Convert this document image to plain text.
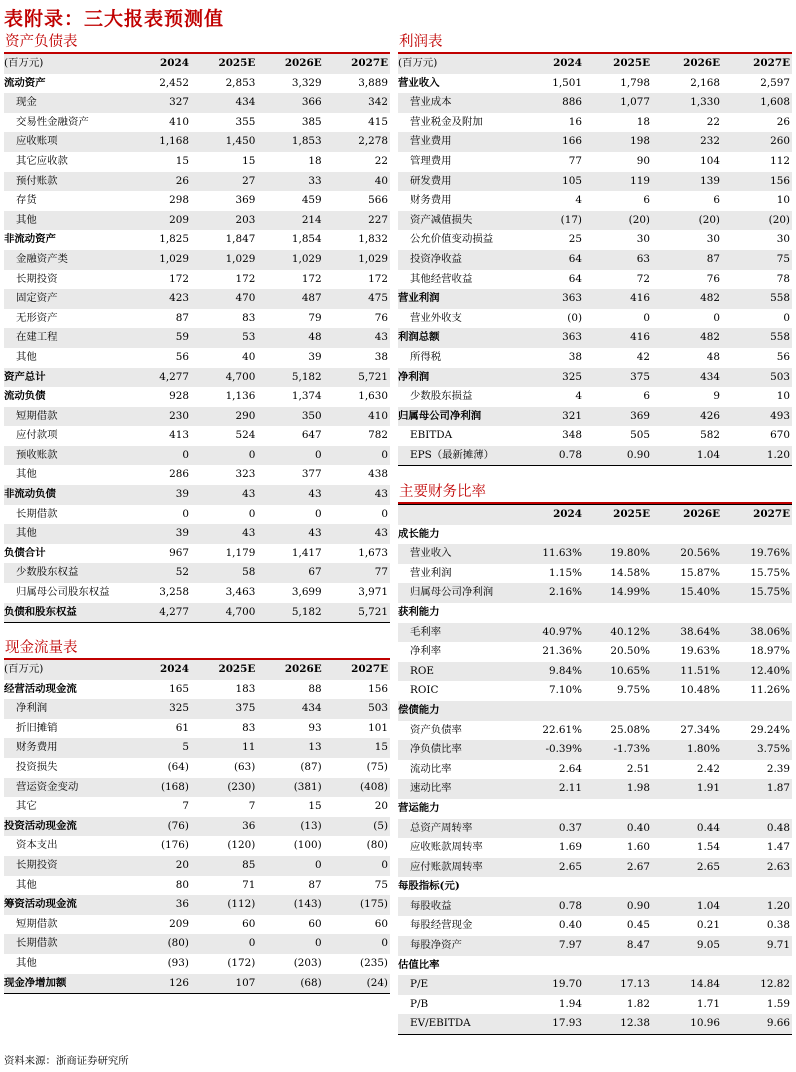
表附录：三大报表预测值
资产负债表
(百万元)	2024	2025E	2026E	2027E
流动资产	2,452	2,853	3,329	3,889
现金	327	434	366	342
交易性金融资产	410	355	385	415
应收账项	1,168	1,450	1,853	2,278
其它应收款	15	15	18	22
预付账款	26	27	33	40
存货	298	369	459	566
其他	209	203	214	227
非流动资产	1,825	1,847	1,854	1,832
金融资产类	1,029	1,029	1,029	1,029
长期投资	172	172	172	172
固定资产	423	470	487	475
无形资产	87	83	79	76
在建工程	59	53	48	43
其他	56	40	39	38
资产总计	4,277	4,700	5,182	5,721
流动负债	928	1,136	1,374	1,630
短期借款	230	290	350	410
应付款项	413	524	647	782
预收账款	0	0	0	0
其他	286	323	377	438
非流动负债	39	43	43	43
长期借款	0	0	0	0
其他	39	43	43	43
负债合计	967	1,179	1,417	1,673
少数股东权益	52	58	67	77
归属母公司股东权益	3,258	3,463	3,699	3,971
负债和股东权益	4,277	4,700	5,182	5,721
现金流量表
(百万元)	2024	2025E	2026E	2027E
经营活动现金流	165	183	88	156
净利润	325	375	434	503
折旧摊销	61	83	93	101
财务费用	5	11	13	15
投资损失	(64)	(63)	(87)	(75)
营运资金变动	(168)	(230)	(381)	(408)
其它	7	7	15	20
投资活动现金流	(76)	36	(13)	(5)
资本支出	(176)	(120)	(100)	(80)
长期投资	20	85	0	0
其他	80	71	87	75
筹资活动现金流	36	(112)	(143)	(175)
短期借款	209	60	60	60
长期借款	(80)	0	0	0
其他	(93)	(172)	(203)	(235)
现金净增加额	126	107	(68)	(24)
利润表
(百万元)	2024	2025E	2026E	2027E
营业收入	1,501	1,798	2,168	2,597
营业成本	886	1,077	1,330	1,608
营业税金及附加	16	18	22	26
营业费用	166	198	232	260
管理费用	77	90	104	112
研发费用	105	119	139	156
财务费用	4	6	6	10
资产减值损失	(17)	(20)	(20)	(20)
公允价值变动损益	25	30	30	30
投资净收益	64	63	87	75
其他经营收益	64	72	76	78
营业利润	363	416	482	558
营业外收支	(0)	0	0	0
利润总额	363	416	482	558
所得税	38	42	48	56
净利润	325	375	434	503
少数股东损益	4	6	9	10
归属母公司净利润	321	369	426	493
EBITDA	348	505	582	670
EPS（最新摊薄）	0.78	0.90	1.04	1.20
主要财务比率
	2024	2025E	2026E	2027E
成长能力				
营业收入	11.63%	19.80%	20.56%	19.76%
营业利润	1.15%	14.58%	15.87%	15.75%
归属母公司净利润	2.16%	14.99%	15.40%	15.75%
获利能力				
毛利率	40.97%	40.12%	38.64%	38.06%
净利率	21.36%	20.50%	19.63%	18.97%
ROE	9.84%	10.65%	11.51%	12.40%
ROIC	7.10%	9.75%	10.48%	11.26%
偿债能力				
资产负债率	22.61%	25.08%	27.34%	29.24%
净负债比率	-0.39%	-1.73%	1.80%	3.75%
流动比率	2.64	2.51	2.42	2.39
速动比率	2.11	1.98	1.91	1.87
营运能力				
总资产周转率	0.37	0.40	0.44	0.48
应收账款周转率	1.69	1.60	1.54	1.47
应付账款周转率	2.65	2.67	2.65	2.63
每股指标(元)				
每股收益	0.78	0.90	1.04	1.20
每股经营现金	0.40	0.45	0.21	0.38
每股净资产	7.97	8.47	9.05	9.71
估值比率				
P/E	19.70	17.13	14.84	12.82
P/B	1.94	1.82	1.71	1.59
EV/EBITDA	17.93	12.38	10.96	9.66
资料来源：浙商证券研究所
